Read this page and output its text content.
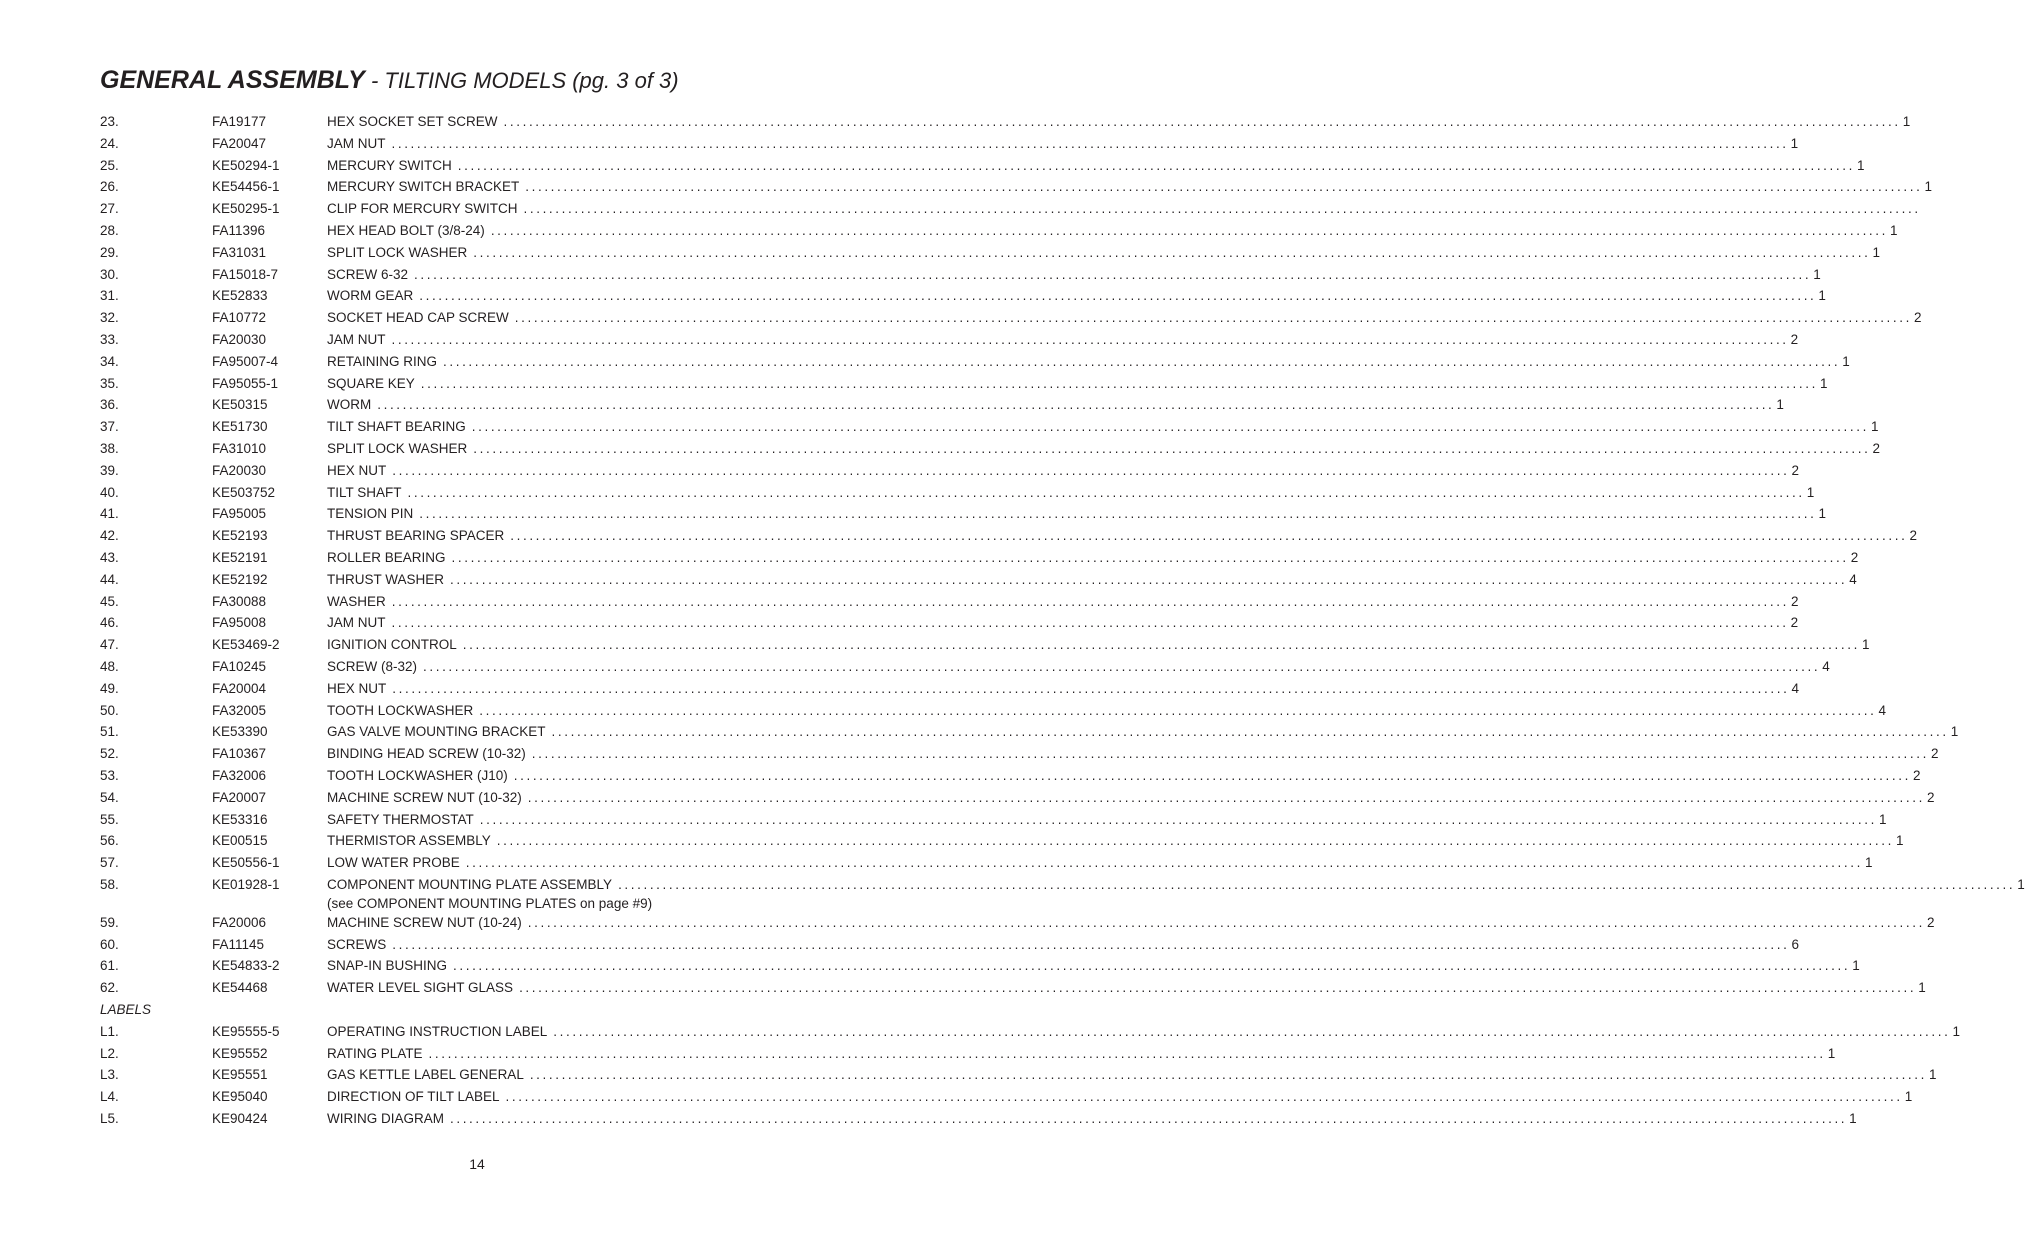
GENERAL ASSEMBLY - TILTING MODELS (pg. 3 of 3)
23.	FA19177	HEX SOCKET SET SCREW ............................................................................................................................................................................................................................ 1
24.	FA20047	JAM NUT ............................................................................................................................................................................................................................ 1
25.	KE50294-1	MERCURY SWITCH ............................................................................................................................................................................................................................ 1
26.	KE54456-1	MERCURY SWITCH BRACKET ............................................................................................................................................................................................................................ 1
27.	KE50295-1	CLIP FOR MERCURY SWITCH ............................................................................................................................................................................................................................
28.	FA11396	HEX HEAD BOLT (3/8-24) ............................................................................................................................................................................................................................ 1
29.	FA31031	SPLIT LOCK WASHER ............................................................................................................................................................................................................................ 1
30.	FA15018-7	SCREW 6-32 ............................................................................................................................................................................................................................ 1
31.	KE52833	WORM GEAR ............................................................................................................................................................................................................................ 1
32.	FA10772	SOCKET HEAD CAP SCREW ............................................................................................................................................................................................................................ 2
33.	FA20030	JAM NUT ............................................................................................................................................................................................................................ 2
34.	FA95007-4	RETAINING RING ............................................................................................................................................................................................................................ 1
35.	FA95055-1	SQUARE KEY ............................................................................................................................................................................................................................ 1
36.	KE50315	WORM ............................................................................................................................................................................................................................ 1
37.	KE51730	TILT SHAFT BEARING ............................................................................................................................................................................................................................ 1
38.	FA31010	SPLIT LOCK WASHER ............................................................................................................................................................................................................................ 2
39.	FA20030	HEX NUT ............................................................................................................................................................................................................................ 2
40.	KE503752	TILT SHAFT ............................................................................................................................................................................................................................ 1
41.	FA95005	TENSION PIN ............................................................................................................................................................................................................................ 1
42.	KE52193	THRUST BEARING SPACER ............................................................................................................................................................................................................................ 2
43.	KE52191	ROLLER BEARING ............................................................................................................................................................................................................................ 2
44.	KE52192	THRUST WASHER ............................................................................................................................................................................................................................ 4
45.	FA30088	WASHER ............................................................................................................................................................................................................................ 2
46.	FA95008	JAM NUT ............................................................................................................................................................................................................................ 2
47.	KE53469-2	IGNITION CONTROL ............................................................................................................................................................................................................................ 1
48.	FA10245	SCREW (8-32) ............................................................................................................................................................................................................................ 4
49.	FA20004	HEX NUT ............................................................................................................................................................................................................................ 4
50.	FA32005	TOOTH LOCKWASHER ............................................................................................................................................................................................................................ 4
51.	KE53390	GAS VALVE MOUNTING BRACKET ............................................................................................................................................................................................................................ 1
52.	FA10367	BINDING HEAD SCREW (10-32) ............................................................................................................................................................................................................................ 2
53.	FA32006	TOOTH LOCKWASHER (J10) ............................................................................................................................................................................................................................ 2
54.	FA20007	MACHINE SCREW NUT (10-32) ............................................................................................................................................................................................................................ 2
55.	KE53316	SAFETY THERMOSTAT ............................................................................................................................................................................................................................ 1
56.	KE00515	THERMISTOR ASSEMBLY ............................................................................................................................................................................................................................ 1
57.	KE50556-1	LOW WATER PROBE ............................................................................................................................................................................................................................ 1
58.	KE01928-1	COMPONENT MOUNTING PLATE ASSEMBLY ............................................................................................................................................................................................................................ 1
(see COMPONENT MOUNTING PLATES on page #9)
59.	FA20006	MACHINE SCREW NUT (10-24) ............................................................................................................................................................................................................................ 2
60.	FA11145	SCREWS ............................................................................................................................................................................................................................ 6
61.	KE54833-2	SNAP-IN BUSHING ............................................................................................................................................................................................................................ 1
62.	KE54468	WATER LEVEL SIGHT GLASS ............................................................................................................................................................................................................................ 1
LABELS
L1.	KE95555-5	OPERATING INSTRUCTION LABEL ............................................................................................................................................................................................................................ 1
L2.	KE95552	RATING PLATE ............................................................................................................................................................................................................................ 1
L3.	KE95551	GAS KETTLE LABEL GENERAL ............................................................................................................................................................................................................................ 1
L4.	KE95040	DIRECTION OF TILT LABEL ............................................................................................................................................................................................................................ 1
L5.	KE90424	WIRING DIAGRAM ............................................................................................................................................................................................................................ 1
14
